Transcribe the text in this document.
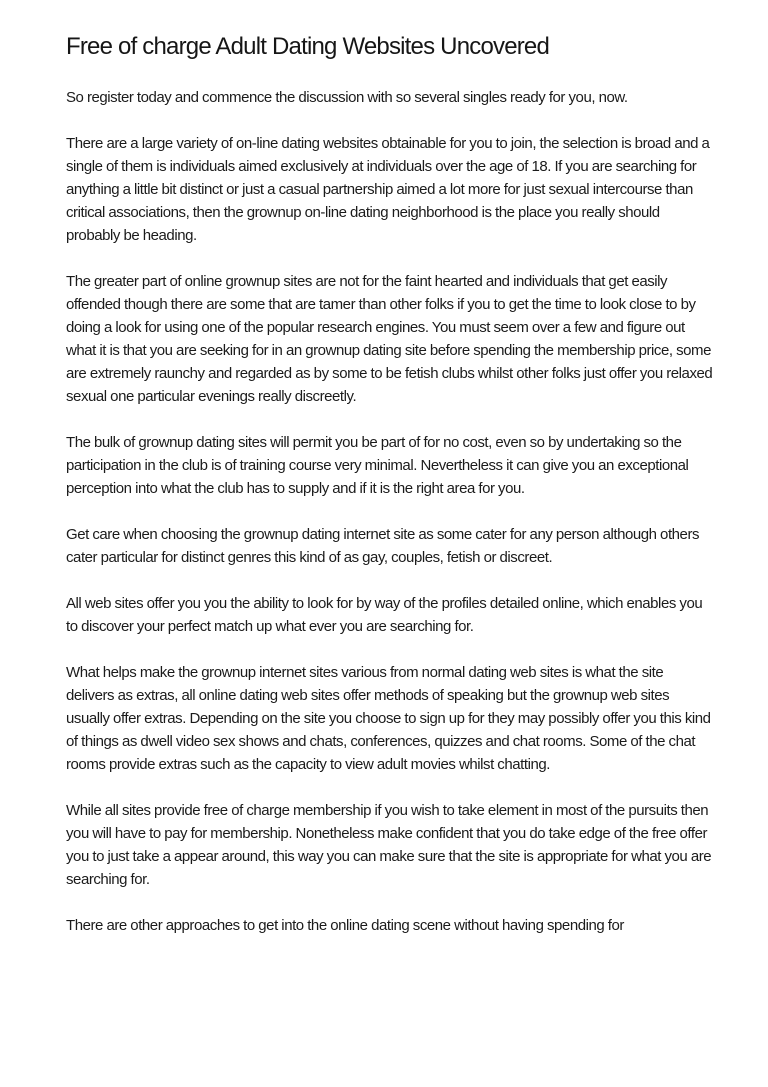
Free of charge Adult Dating Websites Uncovered

So register today and commence the discussion with so several singles ready for you, now.

There are a large variety of on-line dating websites obtainable for you to join, the selection is broad and a single of them is individuals aimed exclusively at individuals over the age of 18. If you are searching for anything a little bit distinct or just a casual partnership aimed a lot more for just sexual intercourse than critical associations, then the grownup on-line dating neighborhood is the place you really should probably be heading.

The greater part of online grownup sites are not for the faint hearted and individuals that get easily offended though there are some that are tamer than other folks if you to get the time to look close to by doing a look for using one of the popular research engines. You must seem over a few and figure out what it is that you are seeking for in an grownup dating site before spending the membership price, some are extremely raunchy and regarded as by some to be fetish clubs whilst other folks just offer you relaxed sexual one particular evenings really discreetly.

The bulk of grownup dating sites will permit you be part of for no cost, even so by undertaking so the participation in the club is of training course very minimal. Nevertheless it can give you an exceptional perception into what the club has to supply and if it is the right area for you.

Get care when choosing the grownup dating internet site as some cater for any person although others cater particular for distinct genres this kind of as gay, couples, fetish or discreet.

All web sites offer you you the ability to look for by way of the profiles detailed online, which enables you to discover your perfect match up what ever you are searching for.

What helps make the grownup internet sites various from normal dating web sites is what the site delivers as extras, all online dating web sites offer methods of speaking but the grownup web sites usually offer extras. Depending on the site you choose to sign up for they may possibly offer you this kind of things as dwell video sex shows and chats, conferences, quizzes and chat rooms. Some of the chat rooms provide extras such as the capacity to view adult movies whilst chatting.

While all sites provide free of charge membership if you wish to take element in most of the pursuits then you will have to pay for membership. Nonetheless make confident that you do take edge of the free offer you to just take a appear around, this way you can make sure that the site is appropriate for what you are searching for.

There are other approaches to get into the online dating scene without having spending for
